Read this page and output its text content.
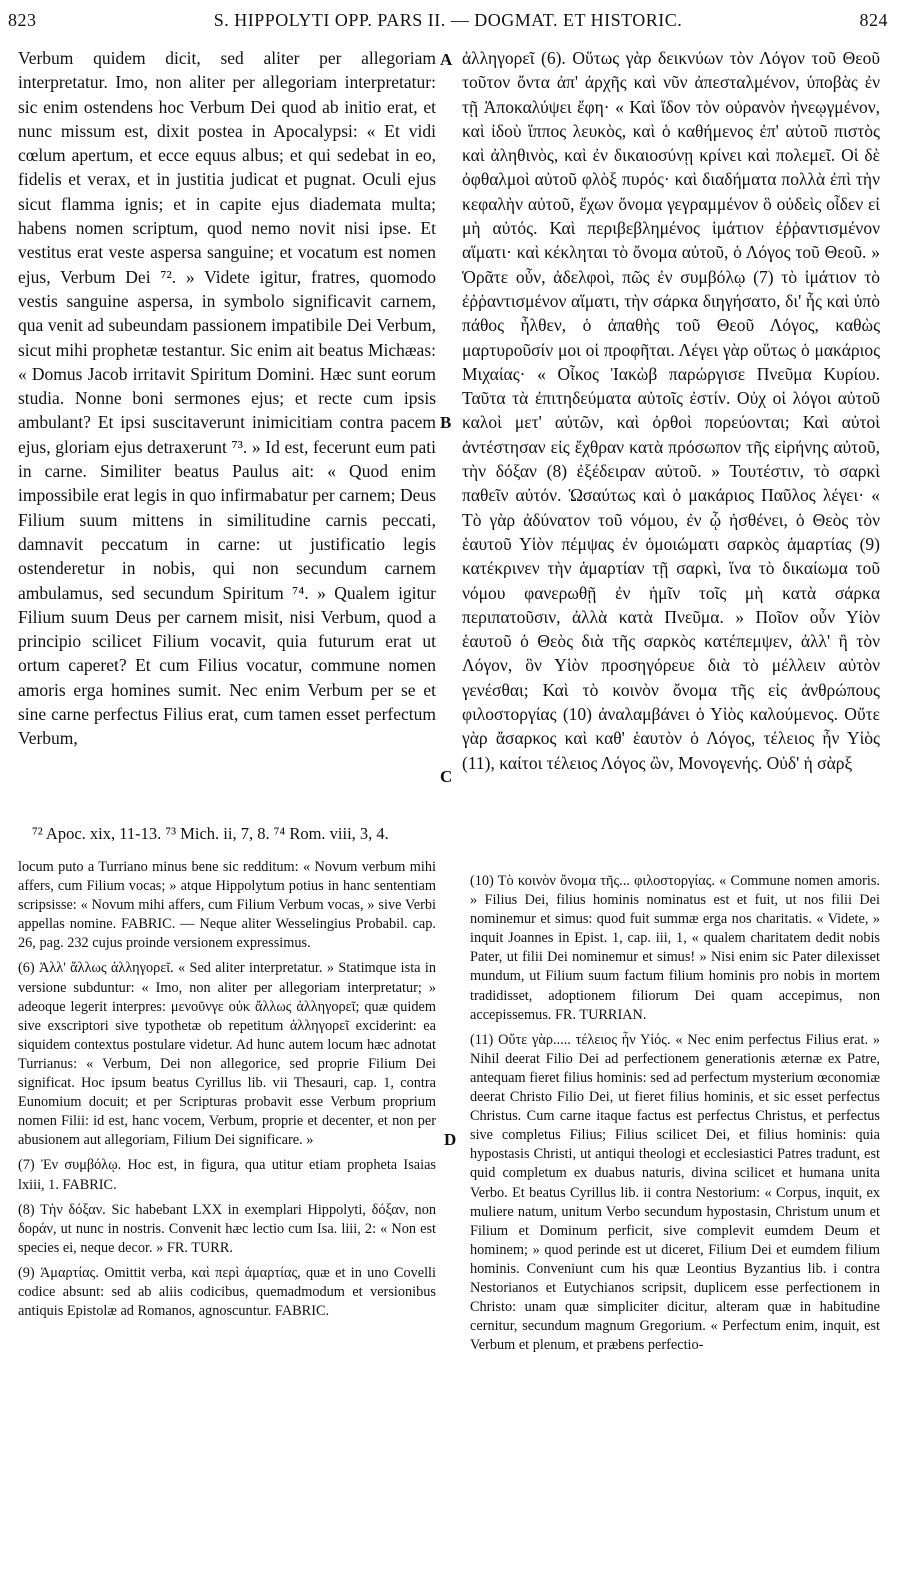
823	S. HIPPOLYTI OPP. PARS II. — DOGMAT. ET HISTORIC.	824

Verbum quidem dicit, sed aliter per allegoriam interpretatur. Imo, non aliter per allegoriam interpretatur: sic enim ostendens hoc Verbum Dei quod ab initio erat, et nunc missum est, dixit postea in Apocalypsi: « Et vidi cœlum apertum, et ecce equus albus; et qui sedebat in eo, fidelis et verax, et in justitia judicat et pugnat. Oculi ejus sicut flamma ignis; et in capite ejus diademata multa; habens nomen scriptum, quod nemo novit nisi ipse. Et vestitus erat veste aspersa sanguine; et vocatum est nomen ejus, Verbum Dei ⁷². » Videte igitur, fratres, quomodo vestis sanguine aspersa, in symbolo significavit carnem, qua venit ad subeundam passionem impatibile Dei Verbum, sicut mihi prophetæ testantur. Sic enim ait beatus Michæas: « Domus Jacob irritavit Spiritum Domini. Hæc sunt eorum studia. Nonne boni sermones ejus; et recte cum ipsis ambulant? Et ipsi suscitaverunt inimicitiam contra pacem ejus, gloriam ejus detraxerunt ⁷³. » Id est, fecerunt eum pati in carne. Similiter beatus Paulus ait: « Quod enim impossibile erat legis in quo infirmabatur per carnem; Deus Filium suum mittens in similitudine carnis peccati, damnavit peccatum in carne: ut justificatio legis ostenderetur in nobis, qui non secundum carnem ambulamus, sed secundum Spiritum ⁷⁴. » Qualem igitur Filium suum Deus per carnem misit, nisi Verbum, quod a principio scilicet Filium vocavit, quia futurum erat ut ortum caperet? Et cum Filius vocatur, commune nomen amoris erga homines sumit. Nec enim Verbum per se et sine carne perfectus Filius erat, cum tamen esset perfectum Verbum,

A
B
C
D

ἀλληγορεῖ (6). Οὕτως γὰρ δεικνύων τὸν Λόγον τοῦ Θεοῦ τοῦτον ὄντα ἀπ' ἀρχῆς καὶ νῦν ἀπεσταλμένον, ὑποβὰς ἐν τῇ Ἀποκαλύψει ἔφη· « Καὶ ἴδον τὸν οὐρανὸν ἠνεῳγμένον, καὶ ἰδοὺ ἵππος λευκὸς, καὶ ὁ καθήμενος ἐπ' αὐτοῦ πιστὸς καὶ ἀληθινὸς, καὶ ἐν δικαιοσύνῃ κρίνει καὶ πολεμεῖ. Οἱ δὲ ὀφθαλμοὶ αὐτοῦ φλὸξ πυρός· καὶ διαδήματα πολλὰ ἐπὶ τὴν κεφαλὴν αὐτοῦ, ἔχων ὄνομα γεγραμμένον ὃ οὐδεὶς οἶδεν εἰ μὴ αὐτός. Καὶ περιβεβλημένος ἱμάτιον ἐῤῥαντισμένον αἵματι· καὶ κέκληται τὸ ὄνομα αὐτοῦ, ὁ Λόγος τοῦ Θεοῦ. » Ὁρᾶτε οὖν, ἀδελφοὶ, πῶς ἐν συμβόλῳ (7) τὸ ἱμάτιον τὸ ἐῤῥαντισμένον αἵματι, τὴν σάρκα διηγήσατο, δι' ἧς καὶ ὑπὸ πάθος ἦλθεν, ὁ ἀπαθὴς τοῦ Θεοῦ Λόγος, καθὼς μαρτυροῦσίν μοι οἱ προφῆται. Λέγει γὰρ οὕτως ὁ μακάριος Μιχαίας· « Οἶκος Ἰακὼβ παρώργισε Πνεῦμα Κυρίου. Ταῦτα τὰ ἐπιτηδεύματα αὐτοῖς ἐστίν. Οὐχ οἱ λόγοι αὐτοῦ καλοὶ μετ' αὐτῶν, καὶ ὀρθοὶ πορεύονται; Καὶ αὐτοὶ ἀντέστησαν εἰς ἔχθραν κατὰ πρόσωπον τῆς εἰρήνης αὐτοῦ, τὴν δόξαν (8) ἐξέδειραν αὐτοῦ. » Τουτέστιν, τὸ σαρκὶ παθεῖν αὐτόν. Ὡσαύτως καὶ ὁ μακάριος Παῦλος λέγει· « Τὸ γὰρ ἀδύνατον τοῦ νόμου, ἐν ᾧ ἠσθένει, ὁ Θεὸς τὸν ἑαυτοῦ Υἱὸν πέμψας ἐν ὁμοιώματι σαρκὸς ἁμαρτίας (9) κατέκρινεν τὴν ἁμαρτίαν τῇ σαρκὶ, ἵνα τὸ δικαίωμα τοῦ νόμου φανερωθῇ ἐν ἡμῖν τοῖς μὴ κατὰ σάρκα περιπατοῦσιν, ἀλλὰ κατὰ Πνεῦμα. » Ποῖον οὖν Υἱὸν ἑαυτοῦ ὁ Θεὸς διὰ τῆς σαρκὸς κατέπεμψεν, ἀλλ' ἢ τὸν Λόγον, ὃν Υἱὸν προσηγόρευε διὰ τὸ μέλλειν αὐτὸν γενέσθαι; Καὶ τὸ κοινὸν ὄνομα τῆς εἰς ἀνθρώπους φιλοστοργίας (10) ἀναλαμβάνει ὁ Υἱὸς καλούμενος. Οὔτε γὰρ ἄσαρκος καὶ καθ' ἑαυτὸν ὁ Λόγος, τέλειος ἦν Υἱὸς (11), καίτοι τέλειος Λόγος ὢν, Μονογενής. Οὐδ' ἡ σὰρξ

⁷² Apoc. xix, 11-13. ⁷³ Mich. ii, 7, 8. ⁷⁴ Rom. viii, 3, 4.

locum puto a Turriano minus bene sic redditum: « Novum verbum mihi affers, cum Filium vocas; » atque Hippolytum potius in hanc sententiam scripsisse: « Novum mihi affers, cum Filium Verbum vocas, » sive Verbi appellas nomine. FABRIC. — Neque aliter Wesselingius Probabil. cap. 26, pag. 232 cujus proinde versionem expressimus.

(6) Ἀλλ' ἄλλως ἀλληγορεῖ. « Sed aliter interpretatur. » Statimque ista in versione subduntur: « Imo, non aliter per allegoriam interpretatur; » adeoque legerit interpres: μενοῦνγε οὐκ ἄλλως ἀλληγορεῖ; quæ quidem sive exscriptori sive typothetæ ob repetitum ἀλληγορεῖ exciderint: ea siquidem contextus postulare videtur. Ad hunc autem locum hæc adnotat Turrianus: « Verbum, Dei non allegorice, sed proprie Filium Dei significat. Hoc ipsum beatus Cyrillus lib. vii Thesauri, cap. 1, contra Eunomium docuit; et per Scripturas probavit esse Verbum proprium nomen Filii: id est, hanc vocem, Verbum, proprie et decenter, et non per abusionem aut allegoriam, Filium Dei significare. »

(7) Ἐν συμβόλῳ. Hoc est, in figura, qua utitur etiam propheta Isaias lxiii, 1. FABRIC.

(8) Τὴν δόξαν. Sic habebant LXX in exemplari Hippolyti, δόξαν, non δοράν, ut nunc in nostris. Convenit hæc lectio cum Isa. liii, 2: « Non est species ei, neque decor. » FR. TURR.

(9) Ἁμαρτίας. Omittit verba, καὶ περὶ ἁμαρτίας, quæ et in uno Covelli codice absunt: sed ab aliis codicibus, quemadmodum et versionibus antiquis Epistolæ ad Romanos, agnoscuntur. FABRIC.

(10) Τὸ κοινὸν ὄνομα τῆς... φιλοστοργίας. « Commune nomen amoris. » Filius Dei, filius hominis nominatus est et fuit, ut nos filii Dei nominemur et simus: quod fuit summæ erga nos charitatis. « Videte, » inquit Joannes in Epist. 1, cap. iii, 1, « qualem charitatem dedit nobis Pater, ut filii Dei nominemur et simus! » Nisi enim sic Pater dilexisset mundum, ut Filium suum factum filium hominis pro nobis in mortem tradidisset, adoptionem filiorum Dei quam accepimus, non accepissemus. FR. TURRIAN.

(11) Οὔτε γὰρ..... τέλειος ἦν Υἱός. « Nec enim perfectus Filius erat. » Nihil deerat Filio Dei ad perfectionem generationis æternæ ex Patre, antequam fieret filius hominis: sed ad perfectum mysterium œconomiæ deerat Christo Filio Dei, ut fieret filius hominis, et sic esset perfectus Christus. Cum carne itaque factus est perfectus Christus, et perfectus sive completus Filius; Filius scilicet Dei, et filius hominis: quia hypostasis Christi, ut antiqui theologi et ecclesiastici Patres tradunt, est quid completum ex duabus naturis, divina scilicet et humana unita Verbo. Et beatus Cyrillus lib. ii contra Nestorium: « Corpus, inquit, ex muliere natum, unitum Verbo secundum hypostasin, Christum unum et Filium et Dominum perficit, sive complevit eumdem Deum et hominem; » quod perinde est ut diceret, Filium Dei et eumdem filium hominis. Conveniunt cum his quæ Leontius Byzantius lib. i contra Nestorianos et Eutychianos scripsit, duplicem esse perfectionem in Christo: unam quæ simpliciter dicitur, alteram quæ in habitudine cernitur, secundum magnum Gregorium. « Perfectum enim, inquit, est Verbum et plenum, et præbens perfectio-
